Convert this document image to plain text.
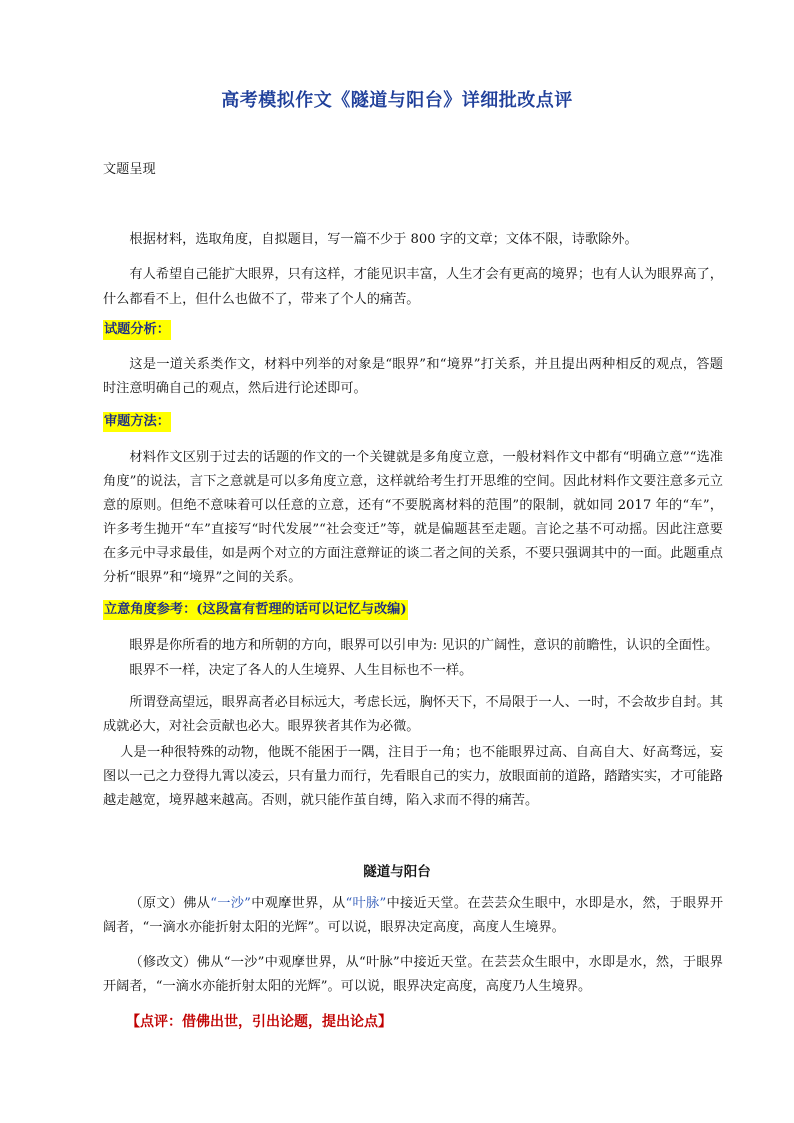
高考模拟作文《隧道与阳台》详细批改点评
文题呈现

根据材料，选取角度，自拟题目，写一篇不少于 800 字的文章；文体不限，诗歌除外。

有人希望自己能扩大眼界，只有这样，才能见识丰富，人生才会有更高的境界；也有人认为眼界高了，什么都看不上，但什么也做不了，带来了个人的痛苦。

试题分析：

这是一道关系类作文，材料中列举的对象是“眼界”和“境界”打关系，并且提出两种相反的观点，答题时注意明确自己的观点，然后进行论述即可。

审题方法：

材料作文区别于过去的话题的作文的一个关键就是多角度立意，一般材料作文中都有“明确立意”“选准角度”的说法，言下之意就是可以多角度立意，这样就给考生打开思维的空间。因此材料作文要注意多元立意的原则。但绝不意味着可以任意的立意，还有“不要脱离材料的范围”的限制，就如同 2017 年的“车”，许多考生抛开“车”直接写“时代发展”“社会变迁”等，就是偏题甚至走题。言论之基不可动摇。因此注意要在多元中寻求最佳，如是两个对立的方面注意辩证的谈二者之间的关系，不要只强调其中的一面。此题重点分析“眼界”和“境界”之间的关系。

立意角度参考：(这段富有哲理的话可以记忆与改编)

眼界是你所看的地方和所朝的方向，眼界可以引申为: 见识的广阔性，意识的前瞻性，认识的全面性。

眼界不一样，决定了各人的人生境界、人生目标也不一样。

所谓登高望远，眼界高者必目标远大，考虑长远，胸怀天下，不局限于一人、一时，不会故步自封。其成就必大，对社会贡献也必大。眼界狭者其作为必微。

人是一种很特殊的动物，他既不能困于一隅，注目于一角；也不能眼界过高、自高自大、好高骛远，妄图以一己之力登得九霄以凌云，只有量力而行，先看眼自己的实力，放眼面前的道路，踏踏实实，才可能路越走越宽，境界越来越高。否则，就只能作茧自缚，陷入求而不得的痛苦。

隧道与阳台

（原文）佛从“一沙”中观摩世界，从“叶脉”中接近天堂。在芸芸众生眼中，水即是水，然，于眼界开阔者，“一滴水亦能折射太阳的光辉”。可以说，眼界决定高度，高度人生境界。

（修改文）佛从“一沙”中观摩世界，从“叶脉”中接近天堂。在芸芸众生眼中，水即是水，然，于眼界开阔者，“一滴水亦能折射太阳的光辉”。可以说，眼界决定高度，高度乃人生境界。

【点评：借佛出世，引出论题，提出论点】
